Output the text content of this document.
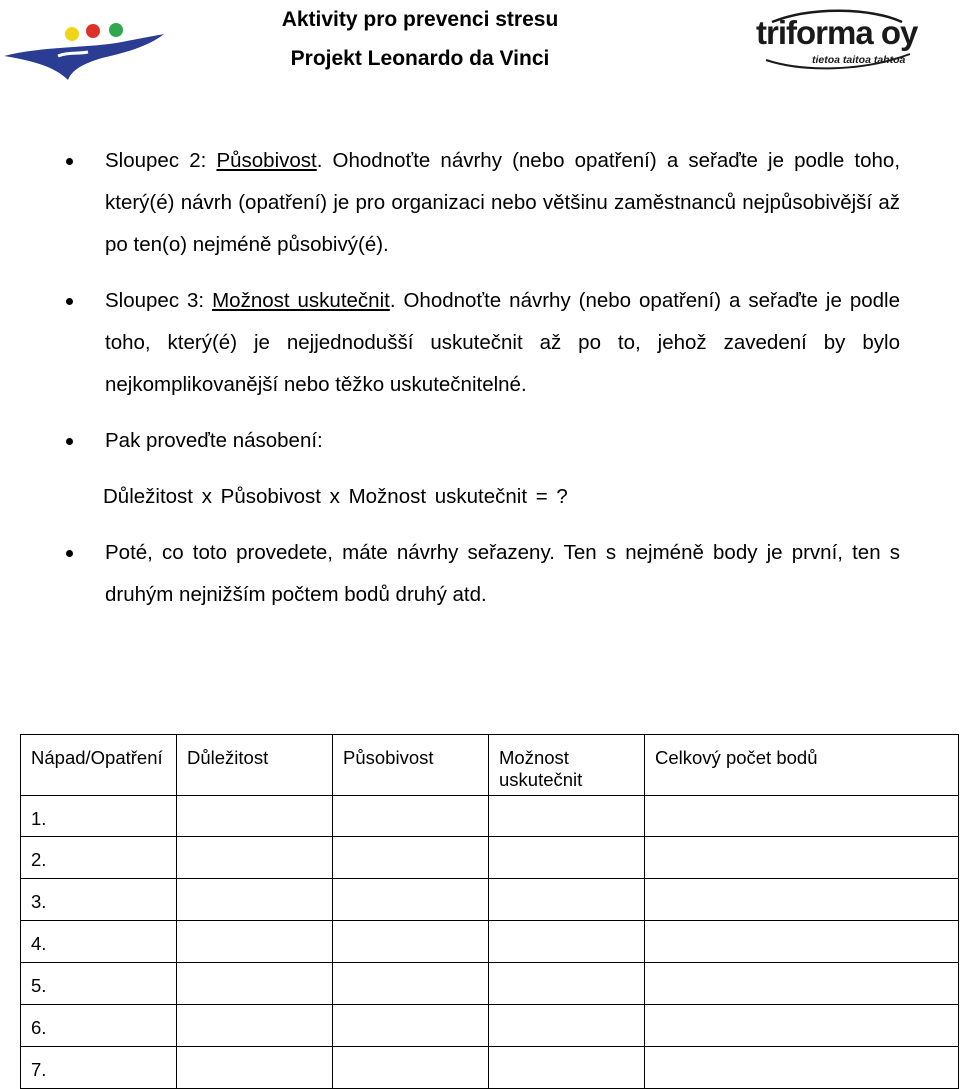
Aktivity pro prevenci stresu
Projekt Leonardo da Vinci
triforma oy
tietoa taitoa tahtoa

Sloupec 2: Působivost. Ohodnoťte návrhy (nebo opatření) a seřaďte je podle toho, který(é) návrh (opatření) je pro organizaci nebo většinu zaměstnanců nejpůsobivější až po ten(o) nejméně působivý(é).

Sloupec 3: Možnost uskutečnit. Ohodnoťte návrhy (nebo opatření) a seřaďte je podle toho, který(é) je nejjednodušší uskutečnit až po to, jehož zavedení by bylo nejkomplikovanější nebo těžko uskutečnitelné.

Pak proveďte násobení:

Důležitost x Působivost x Možnost uskutečnit = ?

Poté, co toto provedete, máte návrhy seřazeny. Ten s nejméně body je první, ten s druhým nejnižším počtem bodů druhý atd.

Nápad/Opatření	Důležitost	Působivost	Možnost uskutečnit	Celkový počet bodů
1.				
2.				
3.				
4.				
5.				
6.				
7.				
